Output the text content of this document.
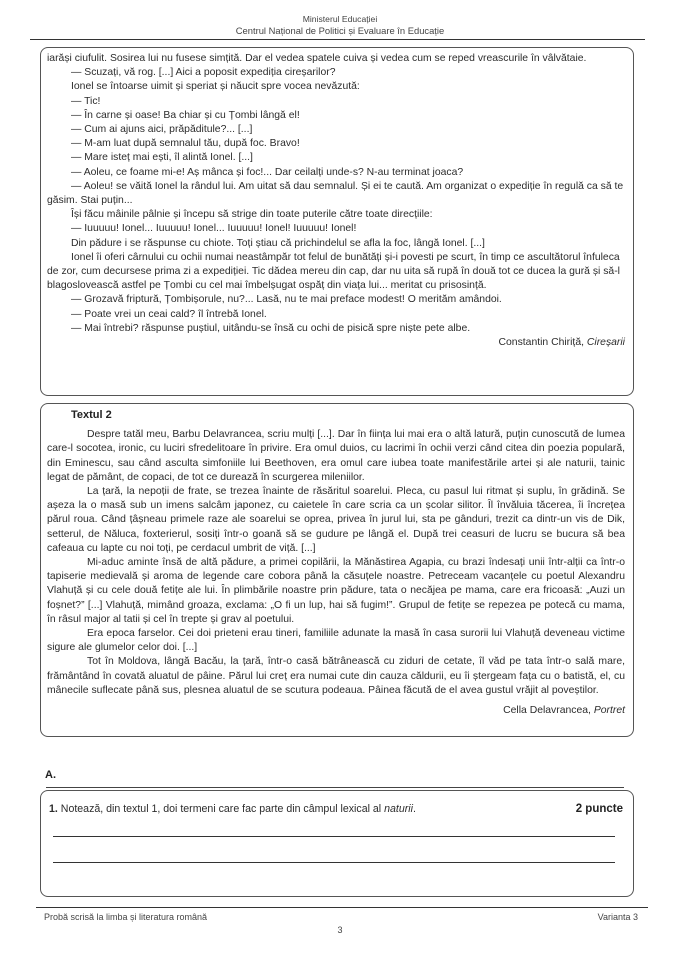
Ministerul Educației
Centrul Național de Politici și Evaluare în Educație

iarăși ciufulit. Sosirea lui nu fusese simțită. Dar el vedea spatele cuiva și vedea cum se reped vreascurile în vâlvătaie.

— Scuzați, vă rog. [...] Aici a poposit expediția cireșarilor?

Ionel se întoarse uimit și speriat și năucit spre vocea nevăzută:

— Tic!

— În carne și oase! Ba chiar și cu Țombi lângă el!

— Cum ai ajuns aici, prăpăditule?... [...]

— M-am luat după semnalul tău, după foc. Bravo!

— Mare isteț mai ești, îl alintă Ionel. [...]

— Aoleu, ce foame mi-e! Aș mânca și foc!... Dar ceilalți unde-s? N-au terminat joaca?

— Aoleu! se văită Ionel la rândul lui. Am uitat să dau semnalul. Și ei te caută. Am organizat o expediție în regulă ca să te găsim. Stai puțin...

Își făcu mâinile pâlnie și începu să strige din toate puterile către toate direcțiile:

— Iuuuuu! Ionel... Iuuuuu! Ionel... Iuuuuu! Ionel! Iuuuuu! Ionel!

Din pădure i se răspunse cu chiote. Toți știau că prichindelul se afla la foc, lângă Ionel. [...]

Ionel îi oferi cârnului cu ochii numai neastâmpăr tot felul de bunătăți și-i povesti pe scurt, în timp ce ascultătorul înfuleca de zor, cum decursese prima zi a expediției. Tic dădea mereu din cap, dar nu uita să rupă în două tot ce ducea la gură și să-l blagoslovească astfel pe Țombi cu cel mai îmbelșugat ospăț din viața lui... meritat cu prisosință.

— Grozavă friptură, Țombișorule, nu?... Lasă, nu te mai preface modest! O merităm amândoi.

— Poate vrei un ceai cald? îl întrebă Ionel.

— Mai întrebi? răspunse puștiul, uitându-se însă cu ochi de pisică spre niște pete albe.

Constantin Chiriță, Cireșarii

Textul 2

Despre tatăl meu, Barbu Delavrancea, scriu mulți [...]. Dar în ființa lui mai era o altă latură, puțin cunoscută de lumea care-l socotea, ironic, cu luciri sfredelitoare în privire. Era omul duios, cu lacrimi în ochii verzi când citea din poezia populară, din Eminescu, sau când asculta simfoniile lui Beethoven, era omul care iubea toate manifestările artei și ale naturii, tainic legat de pământ, de copaci, de tot ce durează în scurgerea mileniilor.

La țară, la nepoții de frate, se trezea înainte de răsăritul soarelui. Pleca, cu pasul lui ritmat și suplu, în grădină. Se așeza la o masă sub un imens salcâm japonez, cu caietele în care scria ca un școlar silitor. Îl învăluia tăcerea, îi încrețea părul roua. Când țâșneau primele raze ale soarelui se oprea, privea în jurul lui, sta pe gânduri, trezit ca dintr-un vis de Dik, setterul, de Năluca, foxterierul, sosiți într-o goană să se gudure pe lângă el. După trei ceasuri de lucru se bucura să bea cafeaua cu lapte cu noi toți, pe cerdacul umbrit de viță. [...]

Mi-aduc aminte însă de altă pădure, a primei copilării, la Mănăstirea Agapia, cu brazi îndesați unii într-alții ca într-o tapiserie medievală și aroma de legende care cobora până la căsuțele noastre. Petreceam vacanțele cu poetul Alexandru Vlahuță și cu cele două fetițe ale lui. În plimbările noastre prin pădure, tata o necăjea pe mama, care era fricoasă: „Auzi un foșnet?” [...] Vlahuță, mimând groaza, exclama: „O fi un lup, hai să fugim!”. Grupul de fetițe se repezea pe potecă cu mama, în râsul major al tatii și cel în trepte și grav al poetului.

Era epoca farselor. Cei doi prieteni erau tineri, familiile adunate la masă în casa surorii lui Vlahuță deveneau victime sigure ale glumelor celor doi. [...]

Tot în Moldova, lângă Bacău, la țară, într-o casă bătrânească cu ziduri de cetate, îl văd pe tata într-o sală mare, frământând în covată aluatul de pâine. Părul lui creț era numai cute din cauza căldurii, eu îi ștergeam fața cu o batistă, el, cu mânecile suflecate până sus, plesnea aluatul de se scutura podeaua. Pâinea făcută de el avea gustul vrăjit al poveștilor.

Cella Delavrancea, Portret

A.
1. Notează, din textul 1, doi termeni care fac parte din câmpul lexical al naturii.	2 puncte
Probă scrisă la limba și literatura română	Varianta 3
3
